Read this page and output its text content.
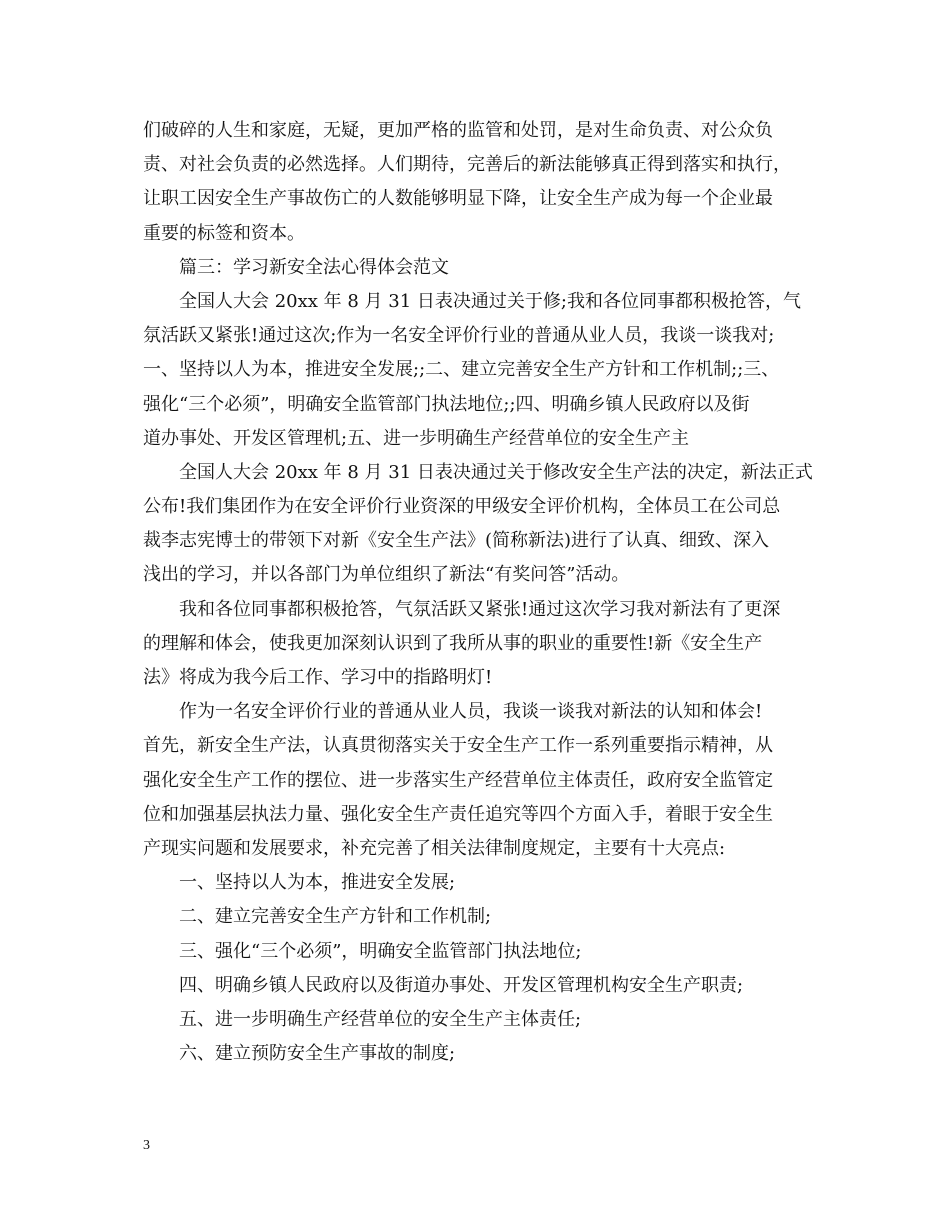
们破碎的人生和家庭，无疑，更加严格的监管和处罚，是对生命负责、对公众负
责、对社会负责的必然选择。人们期待，完善后的新法能够真正得到落实和执行，
让职工因安全生产事故伤亡的人数能够明显下降，让安全生产成为每一个企业最
重要的标签和资本。
篇三：学习新安全法心得体会范文
全国人大会 20xx 年 8 月 31 日表决通过关于修;我和各位同事都积极抢答，气
氛活跃又紧张!通过这次;作为一名安全评价行业的普通从业人员，我谈一谈我对;
一、坚持以人为本，推进安全发展;;二、建立完善安全生产方针和工作机制;;三、
强化“三个必须”，明确安全监管部门执法地位;;四、明确乡镇人民政府以及街
道办事处、开发区管理机;五、进一步明确生产经营单位的安全生产主
全国人大会 20xx 年 8 月 31 日表决通过关于修改安全生产法的决定，新法正式
公布!我们集团作为在安全评价行业资深的甲级安全评价机构，全体员工在公司总
裁李志宪博士的带领下对新《安全生产法》(简称新法)进行了认真、细致、深入
浅出的学习，并以各部门为单位组织了新法“有奖问答”活动。
我和各位同事都积极抢答，气氛活跃又紧张!通过这次学习我对新法有了更深
的理解和体会，使我更加深刻认识到了我所从事的职业的重要性!新《安全生产
法》将成为我今后工作、学习中的指路明灯!
作为一名安全评价行业的普通从业人员，我谈一谈我对新法的认知和体会!
首先，新安全生产法，认真贯彻落实关于安全生产工作一系列重要指示精神，从
强化安全生产工作的摆位、进一步落实生产经营单位主体责任，政府安全监管定
位和加强基层执法力量、强化安全生产责任追究等四个方面入手，着眼于安全生
产现实问题和发展要求，补充完善了相关法律制度规定，主要有十大亮点:
一、坚持以人为本，推进安全发展;
二、建立完善安全生产方针和工作机制;
三、强化“三个必须”，明确安全监管部门执法地位;
四、明确乡镇人民政府以及街道办事处、开发区管理机构安全生产职责;
五、进一步明确生产经营单位的安全生产主体责任;
六、建立预防安全生产事故的制度;
3
